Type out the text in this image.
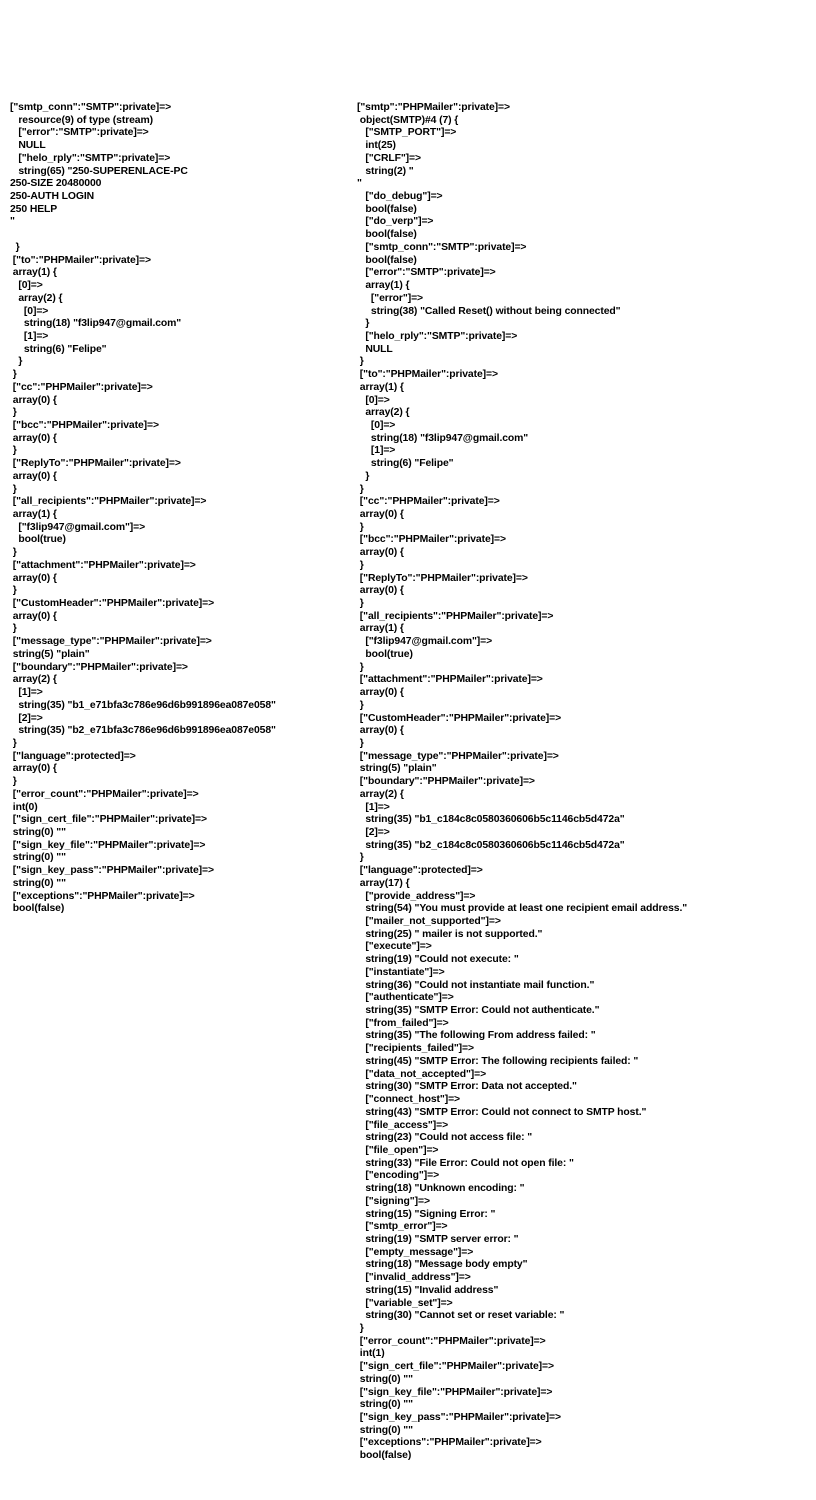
["smtp_conn":"SMTP":private]=>
resource(9) of type (stream)
["error":"SMTP":private]=>
NULL
["helo_rply":"SMTP":private]=>
string(65) "250-SUPERENLACE-PC
250-SIZE 20480000
250-AUTH LOGIN
250 HELP
"
}
["to":"PHPMailer":private]=>
array(1) {
[0]=>
array(2) {
[0]=>
string(18) "f3lip947@gmail.com"
[1]=>
string(6) "Felipe"
}
}
["cc":"PHPMailer":private]=>
array(0) {
}
["bcc":"PHPMailer":private]=>
array(0) {
}
["ReplyTo":"PHPMailer":private]=>
array(0) {
}
["all_recipients":"PHPMailer":private]=>
array(1) {
["f3lip947@gmail.com"]=>
bool(true)
}
["attachment":"PHPMailer":private]=>
array(0) {
}
["CustomHeader":"PHPMailer":private]=>
array(0) {
}
["message_type":"PHPMailer":private]=>
string(5) "plain"
["boundary":"PHPMailer":private]=>
array(2) {
[1]=>
string(35) "b1_e71bfa3c786e96d6b991896ea087e058"
[2]=>
string(35) "b2_e71bfa3c786e96d6b991896ea087e058"
}
["language":protected]=>
array(0) {
}
["error_count":"PHPMailer":private]=>
int(0)
["sign_cert_file":"PHPMailer":private]=>
string(0) ""
["sign_key_file":"PHPMailer":private]=>
string(0) ""
["sign_key_pass":"PHPMailer":private]=>
string(0) ""
["exceptions":"PHPMailer":private]=>
bool(false)
["smtp":"PHPMailer":private]=>
object(SMTP)#4 (7) {
["SMTP_PORT"]=>
int(25)
["CRLF"]=>
string(2) "
"
["do_debug"]=>
bool(false)
["do_verp"]=>
bool(false)
["smtp_conn":"SMTP":private]=>
bool(false)
["error":"SMTP":private]=>
array(1) {
["error"]=>
string(38) "Called Reset() without being connected"
}
["helo_rply":"SMTP":private]=>
NULL
}
["to":"PHPMailer":private]=>
array(1) {
[0]=>
array(2) {
[0]=>
string(18) "f3lip947@gmail.com"
[1]=>
string(6) "Felipe"
}
}
["cc":"PHPMailer":private]=>
array(0) {
}
["bcc":"PHPMailer":private]=>
array(0) {
}
["ReplyTo":"PHPMailer":private]=>
array(0) {
}
["all_recipients":"PHPMailer":private]=>
array(1) {
["f3lip947@gmail.com"]=>
bool(true)
}
["attachment":"PHPMailer":private]=>
array(0) {
}
["CustomHeader":"PHPMailer":private]=>
array(0) {
}
["message_type":"PHPMailer":private]=>
string(5) "plain"
["boundary":"PHPMailer":private]=>
array(2) {
[1]=>
string(35) "b1_c184c8c0580360606b5c1146cb5d472a"
[2]=>
string(35) "b2_c184c8c0580360606b5c1146cb5d472a"
}
["language":protected]=>
array(17) {
["provide_address"]=>
string(54) "You must provide at least one recipient email address."
["mailer_not_supported"]=>
string(25) " mailer is not supported."
["execute"]=>
string(19) "Could not execute: "
["instantiate"]=>
string(36) "Could not instantiate mail function."
["authenticate"]=>
string(35) "SMTP Error: Could not authenticate."
["from_failed"]=>
string(35) "The following From address failed: "
["recipients_failed"]=>
string(45) "SMTP Error: The following recipients failed: "
["data_not_accepted"]=>
string(30) "SMTP Error: Data not accepted."
["connect_host"]=>
string(43) "SMTP Error: Could not connect to SMTP host."
["file_access"]=>
string(23) "Could not access file: "
["file_open"]=>
string(33) "File Error: Could not open file: "
["encoding"]=>
string(18) "Unknown encoding: "
["signing"]=>
string(15) "Signing Error: "
["smtp_error"]=>
string(19) "SMTP server error: "
["empty_message"]=>
string(18) "Message body empty"
["invalid_address"]=>
string(15) "Invalid address"
["variable_set"]=>
string(30) "Cannot set or reset variable: "
}
["error_count":"PHPMailer":private]=>
int(1)
["sign_cert_file":"PHPMailer":private]=>
string(0) ""
["sign_key_file":"PHPMailer":private]=>
string(0) ""
["sign_key_pass":"PHPMailer":private]=>
string(0) ""
["exceptions":"PHPMailer":private]=>
bool(false)
